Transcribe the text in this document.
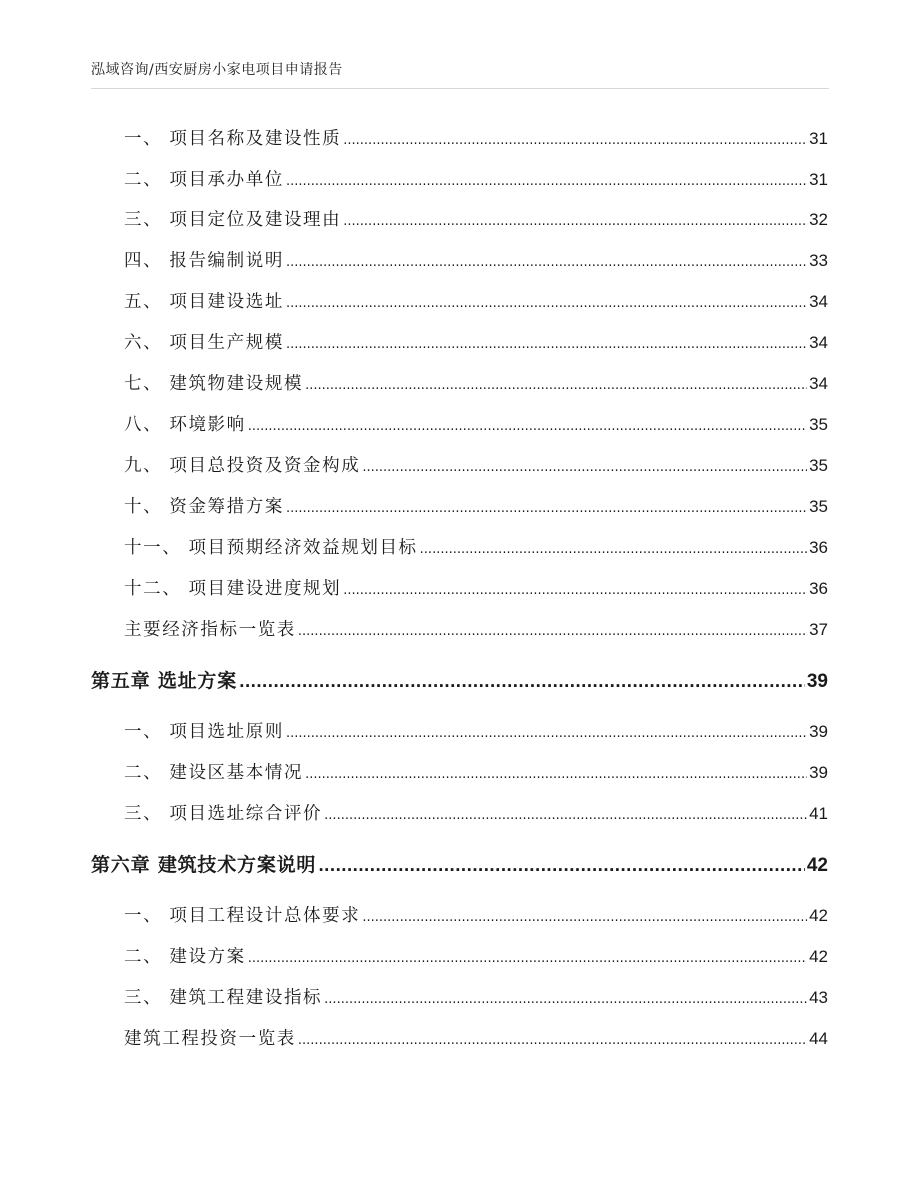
泓域咨询/西安厨房小家电项目申请报告
一、 项目名称及建设性质 .....	31
二、 项目承办单位 .....	31
三、 项目定位及建设理由 .....	32
四、 报告编制说明 .....	33
五、 项目建设选址 .....	34
六、 项目生产规模 .....	34
七、 建筑物建设规模 .....	34
八、 环境影响 .....	35
九、 项目总投资及资金构成 .....	35
十、 资金筹措方案 .....	35
十一、 项目预期经济效益规划目标 .....	36
十二、 项目建设进度规划 .....	36
主要经济指标一览表 .....	37
第五章 选址方案 .....	39
一、 项目选址原则 .....	39
二、 建设区基本情况 .....	39
三、 项目选址综合评价 .....	41
第六章 建筑技术方案说明 .....	42
一、 项目工程设计总体要求 .....	42
二、 建设方案 .....	42
三、 建筑工程建设指标 .....	43
建筑工程投资一览表 .....	44
